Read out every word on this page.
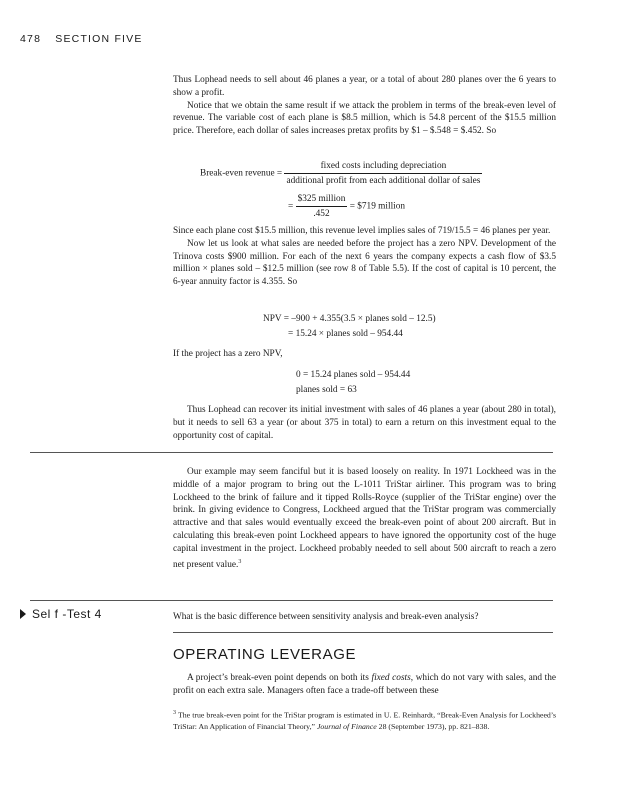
478 SECTION FIVE

Thus Lophead needs to sell about 46 planes a year, or a total of about 280 planes over the 6 years to show a profit.

Notice that we obtain the same result if we attack the problem in terms of the break-even level of revenue. The variable cost of each plane is $8.5 million, which is 54.8 percent of the $15.5 million price. Therefore, each dollar of sales increases pretax profits by $1 – $.548 = $.452. So

Break-even revenue = $\frac{\text{fixed costs including depreciation}}{\text{additional profit from each additional dollar of sales}}$
= $\frac{\text{\$325 million}}{.452}$ = $719 million

Since each plane cost $15.5 million, this revenue level implies sales of 719/15.5 = 46 planes per year.

Now let us look at what sales are needed before the project has a zero NPV. Development of the Trinova costs $900 million. For each of the next 6 years the company expects a cash flow of $3.5 million × planes sold – $12.5 million (see row 8 of Table 5.5). If the cost of capital is 10 percent, the 6-year annuity factor is 4.355. So

NPV = –900 + 4.355(3.5 × planes sold – 12.5)
= 15.24 × planes sold – 954.44
If the project has a zero NPV,
0 = 15.24 planes sold – 954.44
planes sold = 63
Thus Lophead can recover its initial investment with sales of 46 planes a year (about 280 in total), but it needs to sell 63 a year (or about 375 in total) to earn a return on this investment equal to the opportunity cost of capital.

Our example may seem fanciful but it is based loosely on reality. In 1971 Lockheed was in the middle of a major program to bring out the L-1011 TriStar airliner. This program was to bring Lockheed to the brink of failure and it tipped Rolls-Royce (supplier of the TriStar engine) over the brink. In giving evidence to Congress, Lockheed argued that the TriStar program was commercially attractive and that sales would eventually exceed the break-even point of about 200 aircraft. But in calculating this break-even point Lockheed appears to have ignored the opportunity cost of the huge capital investment in the project. Lockheed probably needed to sell about 500 aircraft to reach a zero net present value.$^3$

Sel f -Test 4	What is the basic difference between sensitivity analysis and break-even analysis?
OPERATING LEVERAGE

A project’s break-even point depends on both its fixed costs, which do not vary with sales, and the profit on each extra sale. Managers often face a trade-off between these

$^3$ The true break-even point for the TriStar program is estimated in U. E. Reinhardt, “Break-Even Analysis for Lockheed’s TriStar: An Application of Financial Theory,” Journal of Finance 28 (September 1973), pp. 821–838.
